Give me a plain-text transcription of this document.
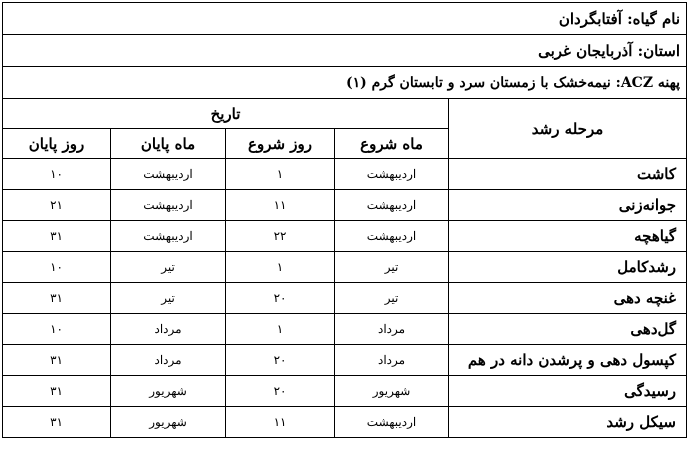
نام گیاه: آفتابگردان				
استان: آذربایجان غربی				
پهنه ACZ: نیمه‌خشک با زمستان سرد و تابستان گرم (۱)				
مرحله رشد	تاریخ			
	ماه شروع	روز شروع	ماه پایان	روز پایان
کاشت	اردیبهشت	۱	اردیبهشت	۱۰
جوانه‌زنی	اردیبهشت	۱۱	اردیبهشت	۲۱
گیاهچه	اردیبهشت	۲۲	اردیبهشت	۳۱
رشدکامل	تیر	۱	تیر	۱۰
غنچه دهی	تیر	۲۰	تیر	۳۱
گل‌دهی	مرداد	۱	مرداد	۱۰
کپسول دهی و پرشدن دانه در هم	مرداد	۲۰	مرداد	۳۱
رسیدگی	شهریور	۲۰	شهریور	۳۱
سیکل رشد	اردیبهشت	۱۱	شهریور	۳۱
